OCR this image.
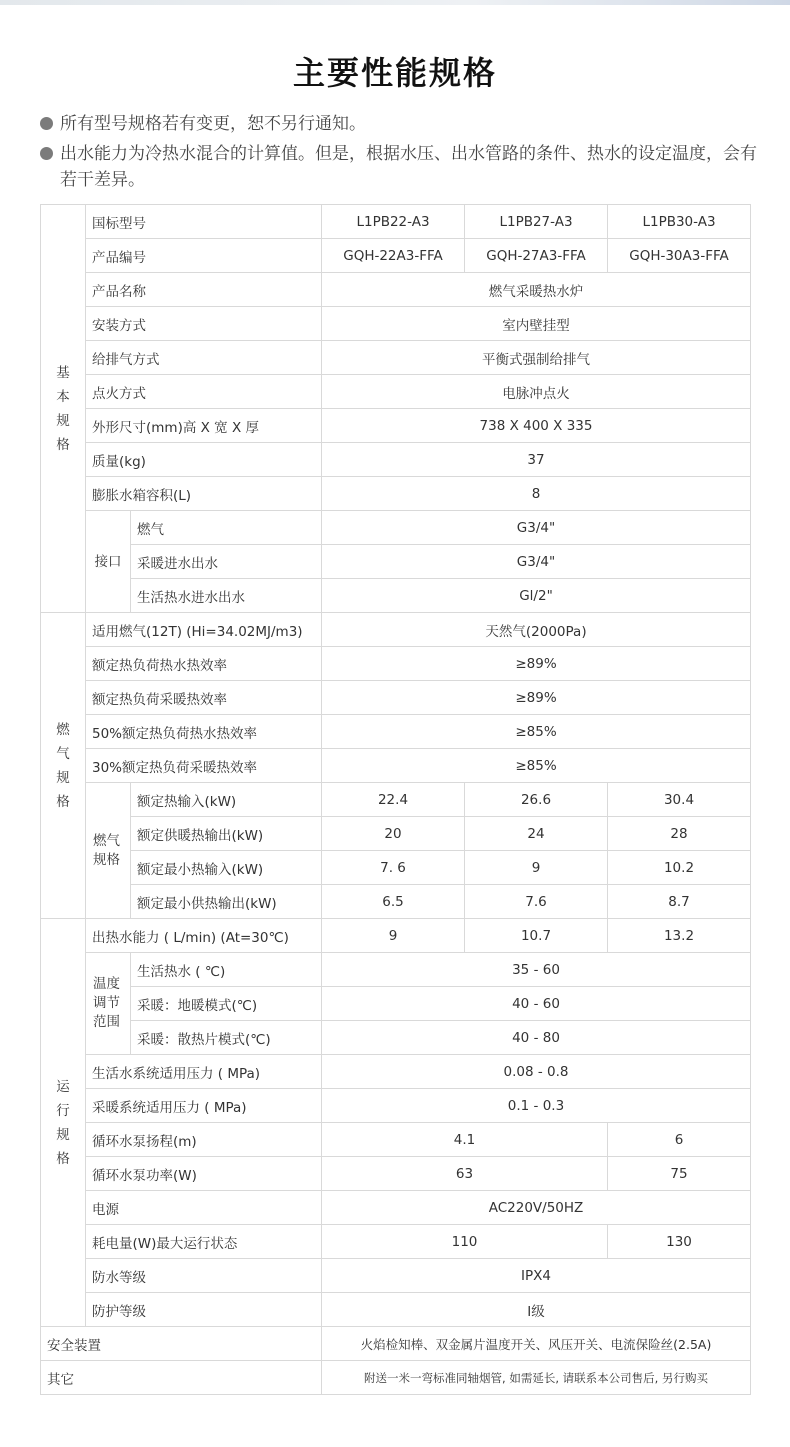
主要性能规格
所有型号规格若有变更，恕不另行通知。
出水能力为冷热水混合的计算值。但是，根据水压、出水管路的条件、热水的设定温度，会有若干差异。
基本规格	国标型号		L1PB22-A3	L1PB27-A3	L1PB30-A3
	产品编号		GQH-22A3-FFA	GQH-27A3-FFA	GQH-30A3-FFA
	产品名称		燃气采暖热水炉		
	安装方式		室内壁挂型		
	给排气方式		平衡式强制给排气		
	点火方式		电脉冲点火		
	外形尺寸(mm)高 X 宽 X 厚		738 X 400 X 335		
	质量(kg)		37		
	膨胀水箱容积(L)		8		

	接口	燃气	G3/4"		
		采暖进水出水	G3/4"		
		生活热水进水出水	Gl/2"		

燃气规格	适用燃气(12T) (Hi=34.02MJ/m3)		天然气(2000Pa)		
	额定热负荷热水热效率		≥89%		
	额定热负荷采暖热效率		≥89%		
	50%额定热负荷热水热效率		≥85%		
	30%额定热负荷采暖热效率		≥85%		

	燃气规格	额定热输入(kW)	22.4	26.6	30.4
		额定供暖热输出(kW)	20	24	28
		额定最小热输入(kW)	7. 6	9	10.2
		额定最小供热输出(kW)	6.5	7.6	8.7

运行规格	出热水能力 ( L/min) (At=30℃)		9	10.7	13.2

	温度调节范围	生活热水 ( ℃)	35 - 60		
		采暖：地暖模式(℃)	40 - 60		
		采暖：散热片模式(℃)	40 - 80		
	生活水系统适用压力 ( MPa)		0.08 - 0.8		
	采暖系统适用压力 ( MPa)		0.1 - 0.3		
	循环水泵扬程(m)		4.1		6
	循环水泵功率(W)		63		75
	电源		AC220V/50HZ		
	耗电量(W)最大运行状态		110		130
	防水等级		IPX4		
	防护等级		I级		
安全装置			火焰检知棒、双金属片温度开关、风压开关、电流保险丝(2.5A)		
其它			附送一米一弯标准同轴烟管, 如需延长, 请联系本公司售后, 另行购买		
